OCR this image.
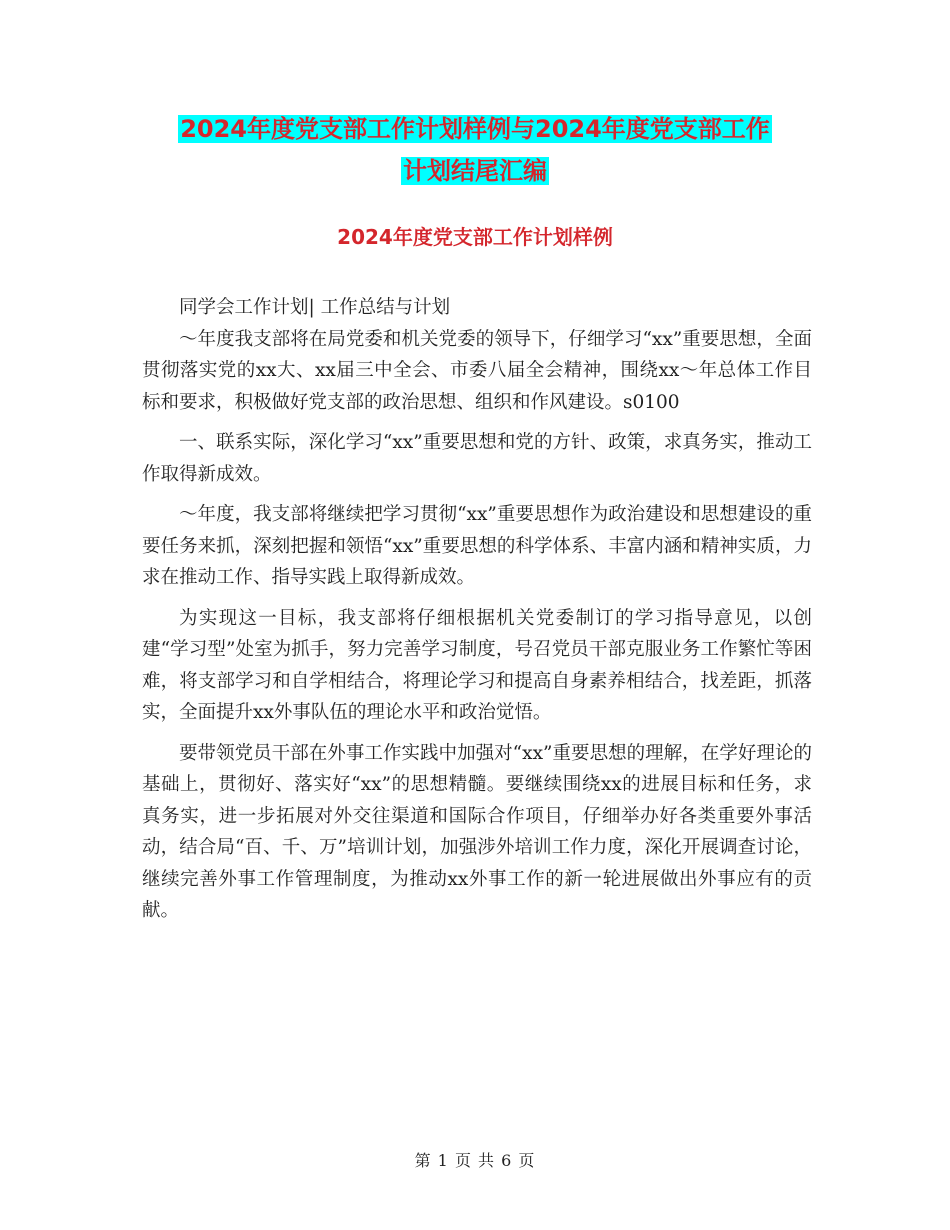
2024年度党支部工作计划样例与2024年度党支部工作
计划结尾汇编
2024年度党支部工作计划样例

同学会工作计划| 工作总结与计划

～年度我支部将在局党委和机关党委的领导下，仔细学习“xx”重要思想，全面贯彻落实党的xx大、xx届三中全会、市委八届全会精神，围绕xx～年总体工作目标和要求，积极做好党支部的政治思想、组织和作风建设。s0100

一、联系实际，深化学习“xx”重要思想和党的方针、政策，求真务实，推动工作取得新成效。

～年度，我支部将继续把学习贯彻“xx”重要思想作为政治建设和思想建设的重要任务来抓，深刻把握和领悟“xx”重要思想的科学体系、丰富内涵和精神实质，力求在推动工作、指导实践上取得新成效。

为实现这一目标，我支部将仔细根据机关党委制订的学习指导意见，以创建“学习型”处室为抓手，努力完善学习制度，号召党员干部克服业务工作繁忙等困难，将支部学习和自学相结合，将理论学习和提高自身素养相结合，找差距，抓落实，全面提升xx外事队伍的理论水平和政治觉悟。

要带领党员干部在外事工作实践中加强对“xx”重要思想的理解，在学好理论的基础上，贯彻好、落实好“xx”的思想精髓。要继续围绕xx的进展目标和任务，求真务实，进一步拓展对外交往渠道和国际合作项目，仔细举办好各类重要外事活动，结合局“百、千、万”培训计划，加强涉外培训工作力度，深化开展调查讨论，继续完善外事工作管理制度，为推动xx外事工作的新一轮进展做出外事应有的贡献。

第 1 页 共 6 页
